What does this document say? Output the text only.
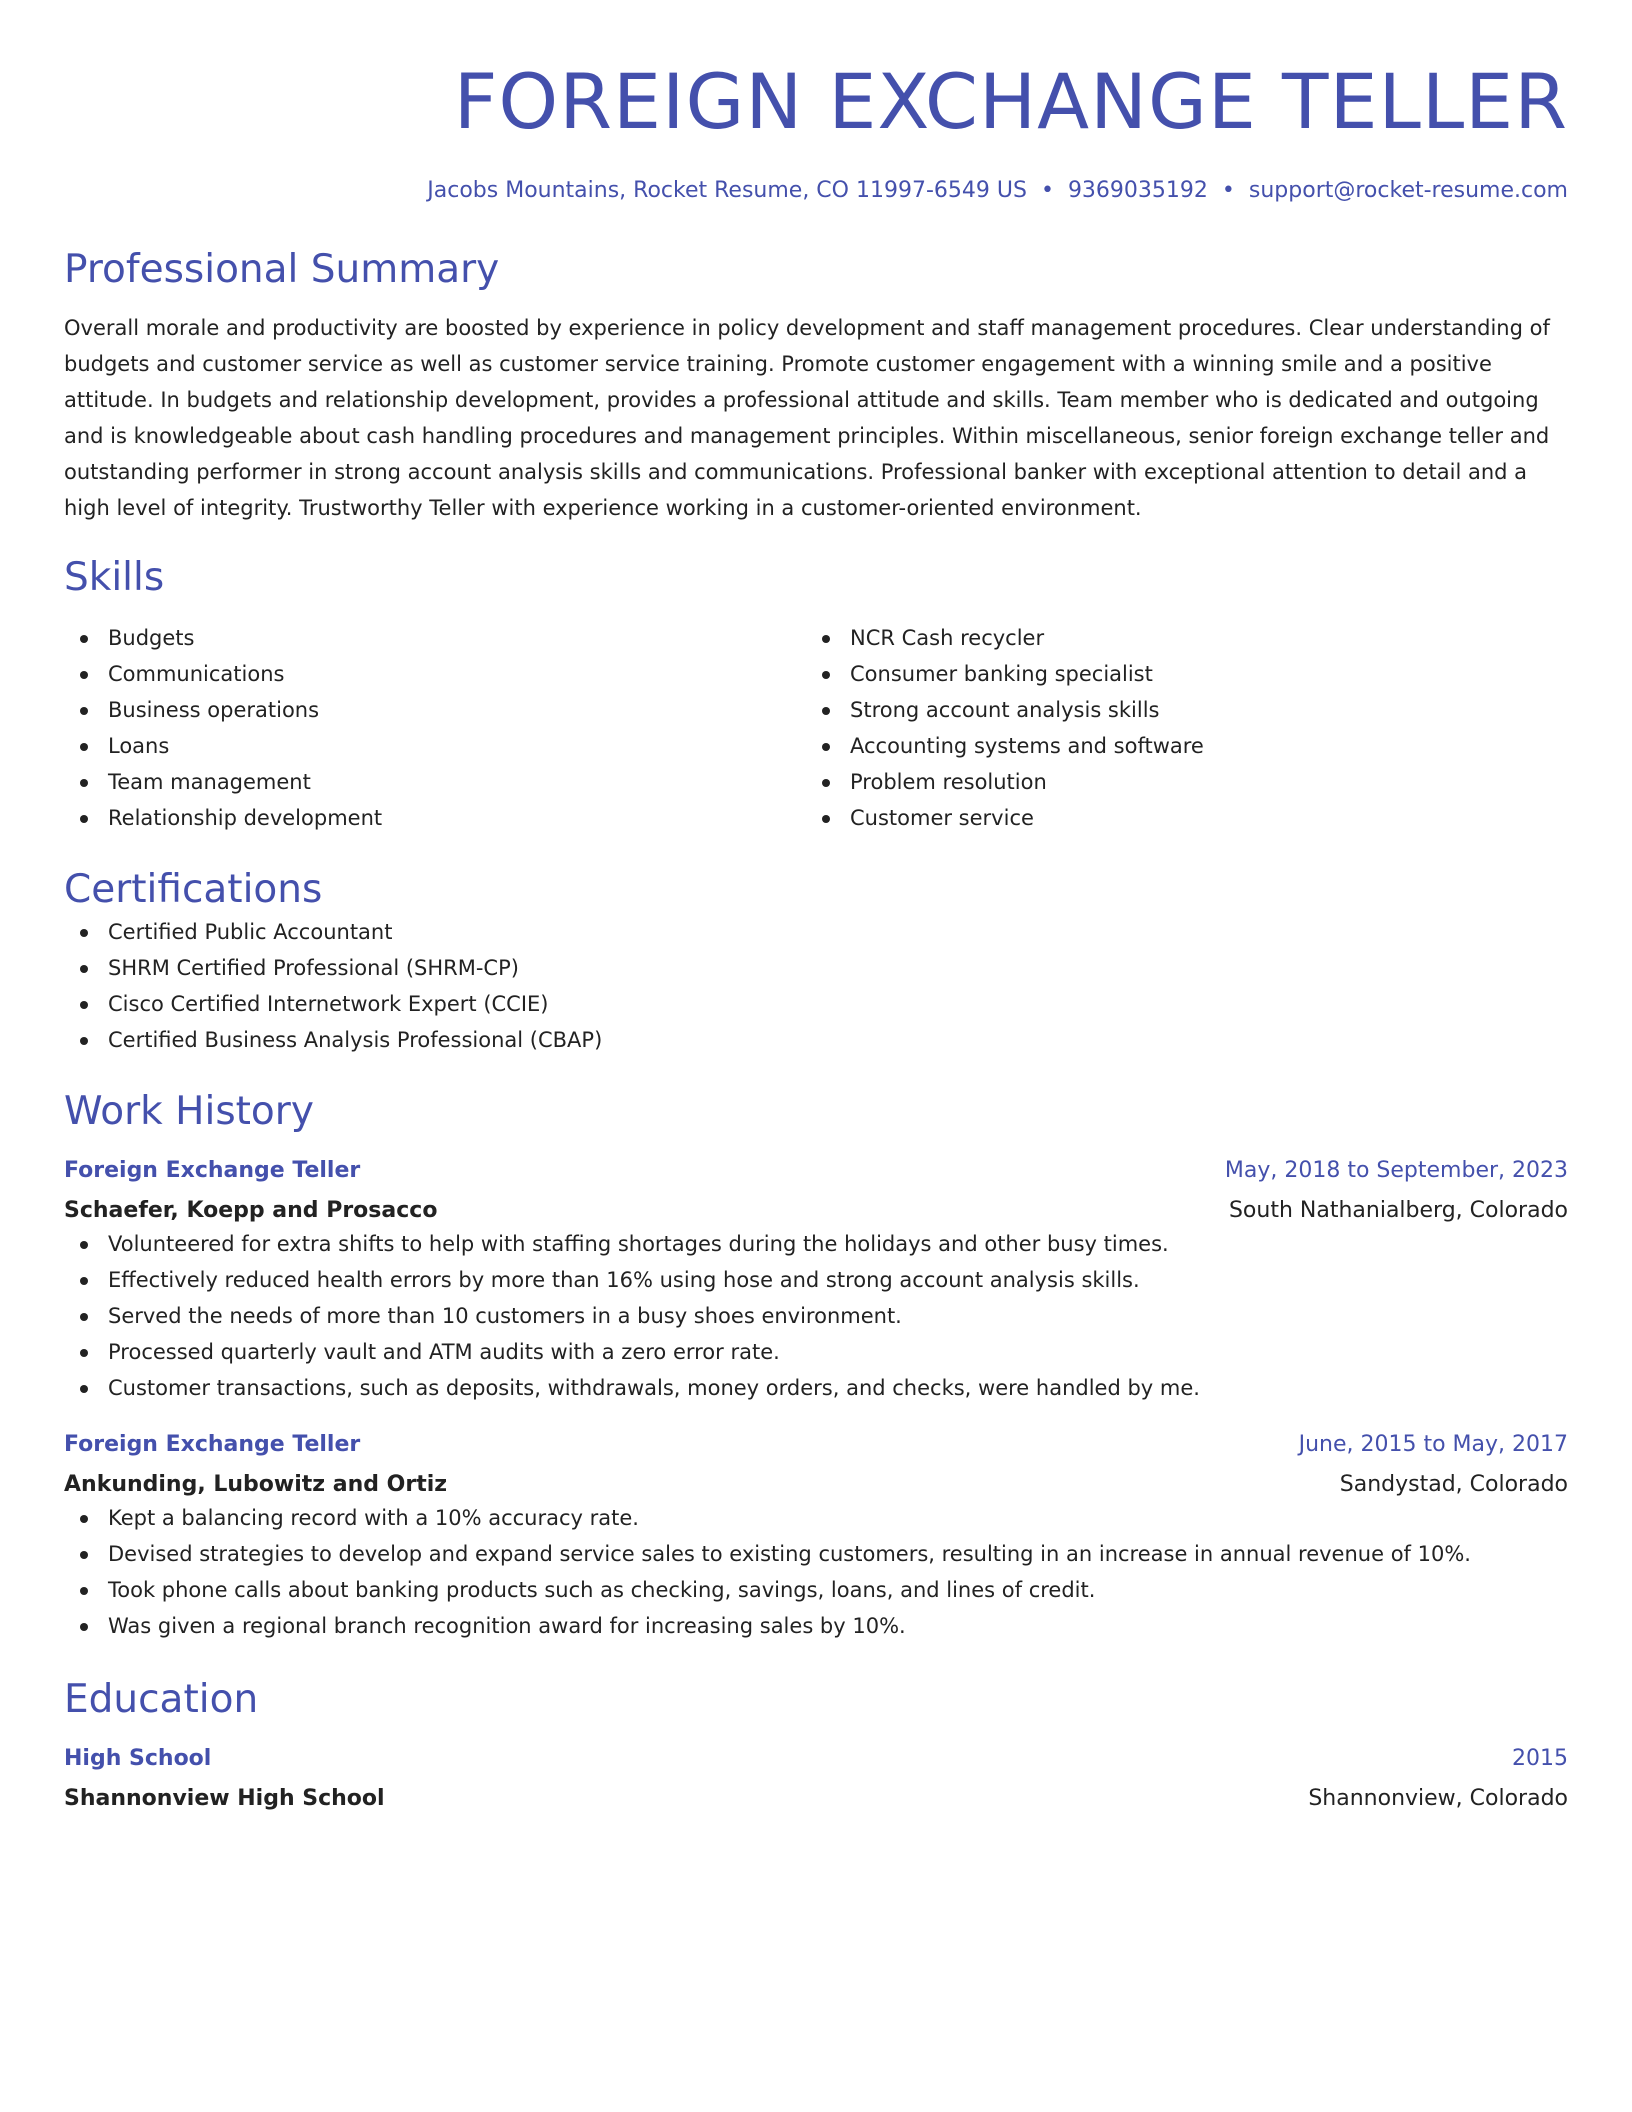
FOREIGN EXCHANGE TELLER
Jacobs Mountains, Rocket Resume, CO 11997-6549 US • 9369035192 • support@rocket-resume.com
Professional Summary
Overall morale and productivity are boosted by experience in policy development and staff management procedures. Clear understanding of budgets and customer service as well as customer service training. Promote customer engagement with a winning smile and a positive attitude. In budgets and relationship development, provides a professional attitude and skills. Team member who is dedicated and outgoing and is knowledgeable about cash handling procedures and management principles. Within miscellaneous, senior foreign exchange teller and outstanding performer in strong account analysis skills and communications. Professional banker with exceptional attention to detail and a high level of integrity. Trustworthy Teller with experience working in a customer-oriented environment.
Skills
Budgets
Communications
Business operations
Loans
Team management
Relationship development
NCR Cash recycler
Consumer banking specialist
Strong account analysis skills
Accounting systems and software
Problem resolution
Customer service
Certifications
Certified Public Accountant
SHRM Certified Professional (SHRM-CP)
Cisco Certified Internetwork Expert (CCIE)
Certified Business Analysis Professional (CBAP)
Work History
Foreign Exchange Teller	May, 2018 to September, 2023
Schaefer, Koepp and Prosacco	South Nathanialberg, Colorado
Volunteered for extra shifts to help with staffing shortages during the holidays and other busy times.
Effectively reduced health errors by more than 16% using hose and strong account analysis skills.
Served the needs of more than 10 customers in a busy shoes environment.
Processed quarterly vault and ATM audits with a zero error rate.
Customer transactions, such as deposits, withdrawals, money orders, and checks, were handled by me.
Foreign Exchange Teller	June, 2015 to May, 2017
Ankunding, Lubowitz and Ortiz	Sandystad, Colorado
Kept a balancing record with a 10% accuracy rate.
Devised strategies to develop and expand service sales to existing customers, resulting in an increase in annual revenue of 10%.
Took phone calls about banking products such as checking, savings, loans, and lines of credit.
Was given a regional branch recognition award for increasing sales by 10%.
Education
High School	2015
Shannonview High School	Shannonview, Colorado
